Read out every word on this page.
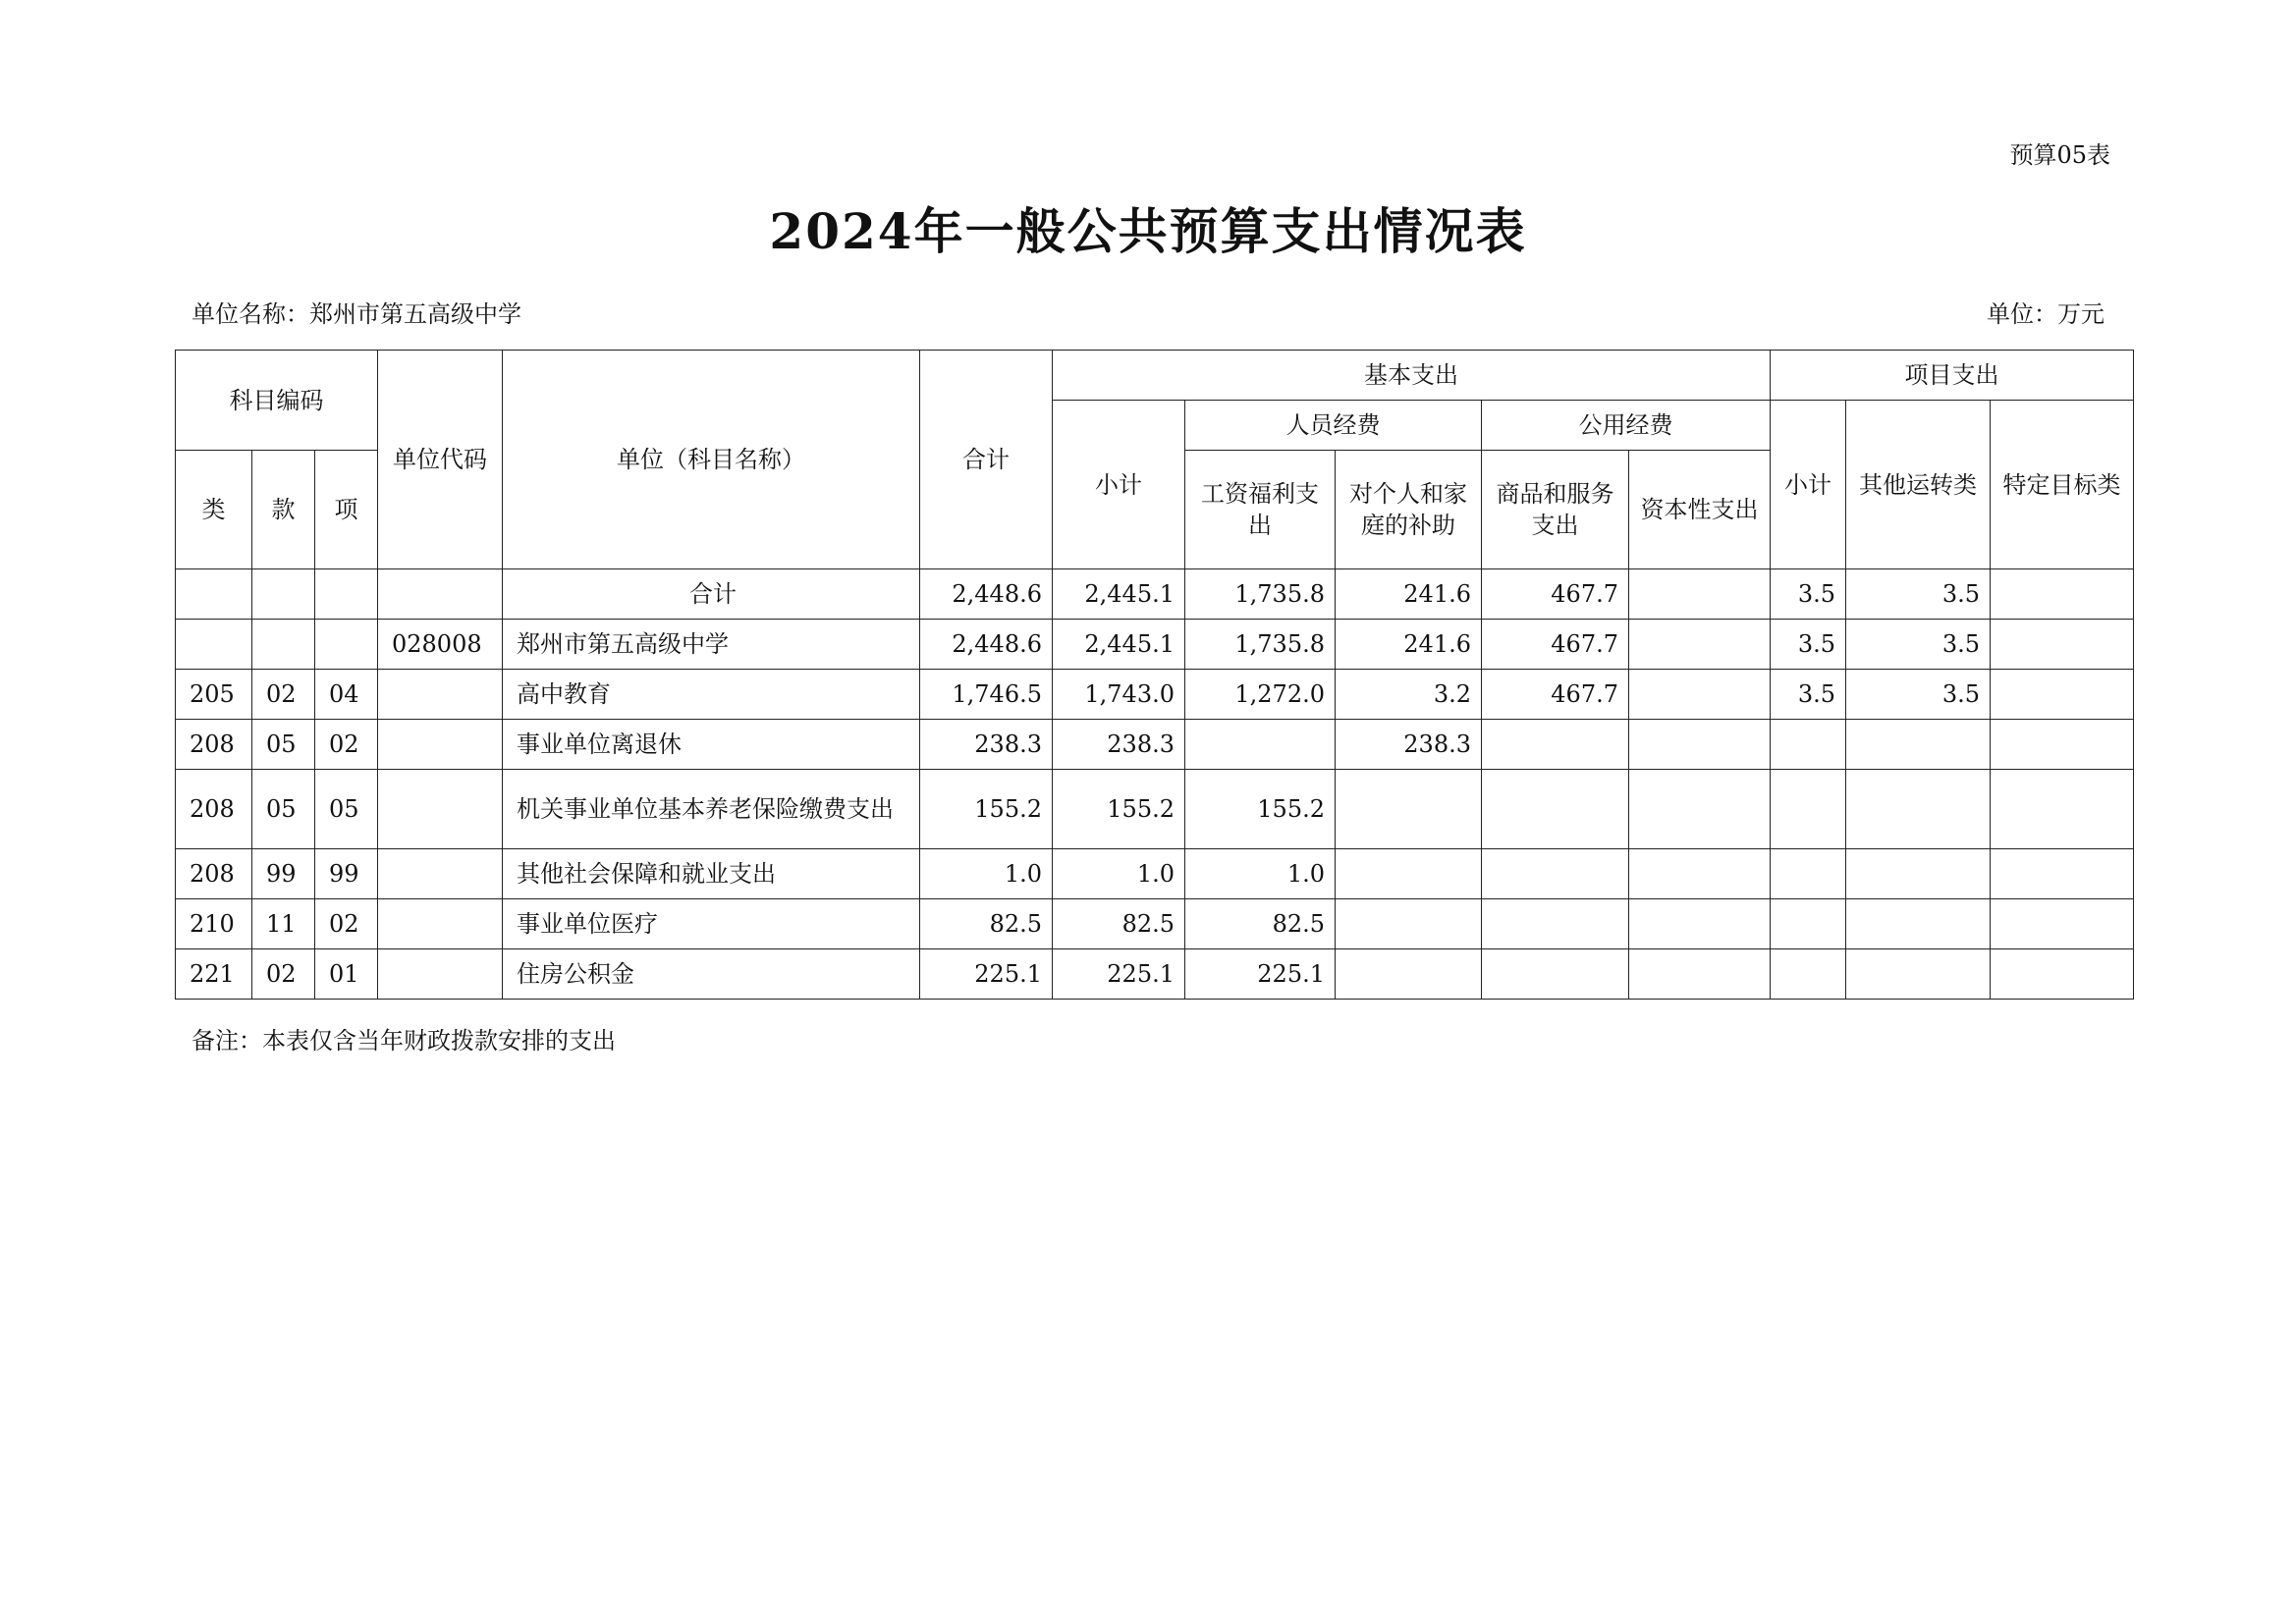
预算05表
2024年一般公共预算支出情况表
单位名称：郑州市第五高级中学	单位：万元
科目编码			单位代码	单位（科目名称）	合计	基本支出					项目支出		
						小计	人员经费		公用经费		小计	其他运转类	特定目标类
类	款	项					工资福利支出	对个人和家庭的补助	商品和服务支出	资本性支出			
				合计	2,448.6	2,445.1	1,735.8	241.6	467.7		3.5	3.5	
			028008	郑州市第五高级中学	2,448.6	2,445.1	1,735.8	241.6	467.7		3.5	3.5	
205	02	04		高中教育	1,746.5	1,743.0	1,272.0	3.2	467.7		3.5	3.5	
208	05	02		事业单位离退休	238.3	238.3		238.3					
208	05	05		机关事业单位基本养老保险缴费支出	155.2	155.2	155.2						
208	99	99		其他社会保障和就业支出	1.0	1.0	1.0						
210	11	02		事业单位医疗	82.5	82.5	82.5						
221	02	01		住房公积金	225.1	225.1	225.1						
备注：本表仅含当年财政拨款安排的支出
